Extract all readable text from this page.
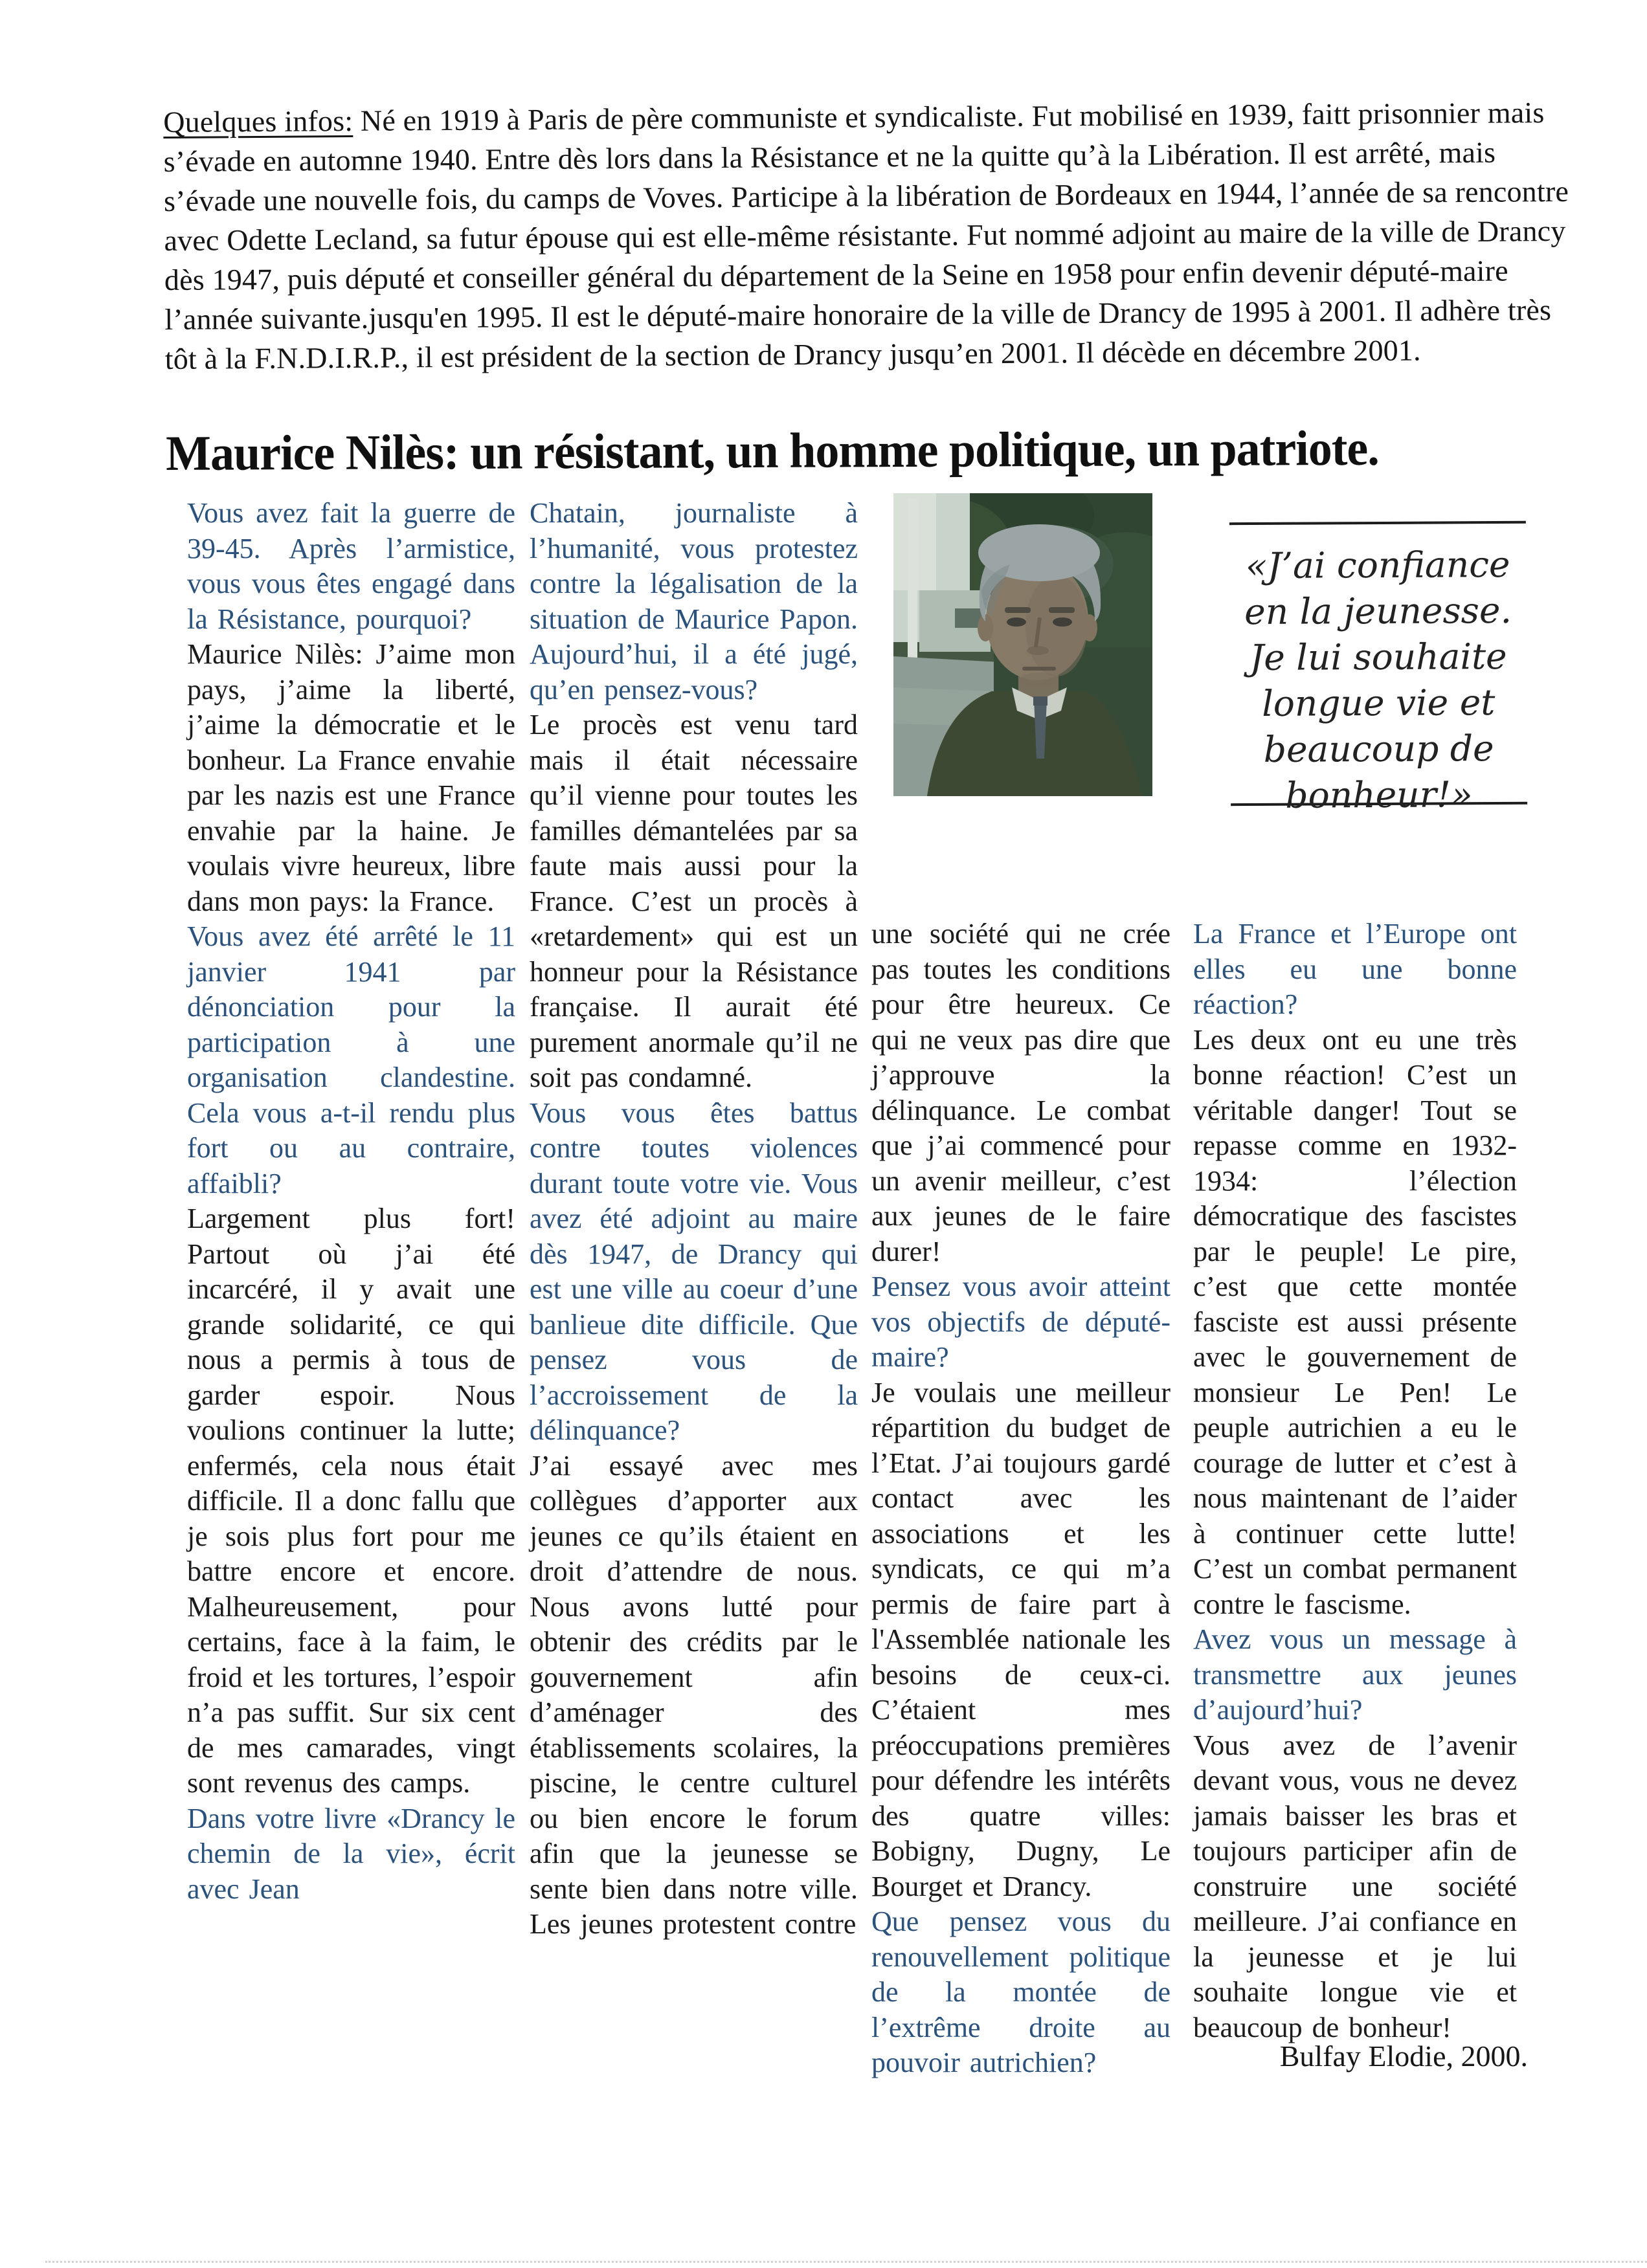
Quelques infos: Né en 1919 à Paris de père communiste et syndicaliste. Fut mobilisé en 1939, faitt prisonnier mais s’évade en automne 1940. Entre dès lors dans la Résistance et ne la quitte qu’à la Libération. Il est arrêté, mais s’évade une nouvelle fois, du camps de Voves. Participe à la libération de Bordeaux en 1944, l’année de sa rencontre avec Odette Lecland, sa futur épouse qui est elle-même résistante. Fut nommé adjoint au maire de la ville de Drancy dès 1947, puis député et conseiller général du département de la Seine en 1958 pour enfin devenir député-maire l’année suivante.jusqu'en 1995. Il est le député-maire honoraire de la ville de Drancy de 1995 à 2001. Il adhère très tôt à la F.N.D.I.R.P., il est président de la section de Drancy jusqu’en 2001. Il décède en décembre 2001.

Maurice Nilès: un résistant, un homme politique, un patriote.

Vous avez fait la guerre de 39-45. Après l’armistice, vous vous êtes engagé dans la Résistance, pourquoi?

Maurice Nilès: J’aime mon pays, j’aime la liberté, j’aime la démocratie et le bonheur. La France envahie par les nazis est une France envahie par la haine. Je voulais vivre heureux, libre dans mon pays: la France.

Vous avez été arrêté le 11 janvier 1941 par dénonciation pour la participation à une organisation clandestine. Cela vous a-t-il rendu plus fort ou au contraire, affaibli?

Largement plus fort! Partout où j’ai été incarcéré, il y avait une grande solidarité, ce qui nous a permis à tous de garder espoir. Nous voulions continuer la lutte; enfermés, cela nous était difficile. Il a donc fallu que je sois plus fort pour me battre encore et encore. Malheureusement, pour certains, face à la faim, le froid et les tortures, l’espoir n’a pas suffit. Sur six cent de mes camarades, vingt sont revenus des camps.

Dans votre livre «Drancy le chemin de la vie», écrit avec Jean

Chatain, journaliste à l’humanité, vous protestez contre la légalisation de la situation de Maurice Papon. Aujourd’hui, il a été jugé, qu’en pensez-vous?

Le procès est venu tard mais il était nécessaire qu’il vienne pour toutes les familles démantelées par sa faute mais aussi pour la France. C’est un procès à «retardement» qui est un honneur pour la Résistance française. Il aurait été purement anormale qu’il ne soit pas condamné.

Vous vous êtes battus contre toutes violences durant toute votre vie. Vous avez été adjoint au maire dès 1947, de Drancy qui est une ville au coeur d’une banlieue dite difficile. Que pensez vous de l’accroissement de la délinquance?

J’ai essayé avec mes collègues d’apporter aux jeunes ce qu’ils étaient en droit d’attendre de nous. Nous avons lutté pour obtenir des crédits par le gouvernement afin d’aménager des établissements scolaires, la piscine, le centre culturel ou bien encore le forum afin que la jeunesse se sente bien dans notre ville. Les jeunes protestent contre

une société qui ne crée pas toutes les conditions pour être heureux. Ce qui ne veux pas dire que j’approuve la délinquance. Le combat que j’ai commencé pour un avenir meilleur, c’est aux jeunes de le faire durer!

Pensez vous avoir atteint vos objectifs de député-maire?

Je voulais une meilleur répartition du budget de l’Etat. J’ai toujours gardé contact avec les associations et les syndicats, ce qui m’a permis de faire part à l'Assemblée nationale les besoins de ceux-ci. C’étaient mes préoccupations premières pour défendre les intérêts des quatre villes: Bobigny, Dugny, Le Bourget et Drancy.

Que pensez vous du renouvellement politique de la montée de l’extrême droite au pouvoir autrichien?

La France et l’Europe ont elles eu une bonne réaction?

Les deux ont eu une très bonne réaction! C’est un véritable danger! Tout se repasse comme en 1932-1934: l’élection démocratique des fascistes par le peuple! Le pire, c’est que cette montée fasciste est aussi présente avec le gouvernement de monsieur Le Pen! Le peuple autrichien a eu le courage de lutter et c’est à nous maintenant de l’aider à continuer cette lutte! C’est un combat permanent contre le fascisme.

Avez vous un message à transmettre aux jeunes d’aujourd’hui?

Vous avez de l’avenir devant vous, vous ne devez jamais baisser les bras et toujours participer afin de construire une société meilleure. J’ai confiance en la jeunesse et je lui souhaite longue vie et beaucoup de bonheur!

«J’ai confiance
en la jeunesse.
Je lui souhaite
longue vie et
beaucoup de
bonheur!»
Bulfay Elodie, 2000.
